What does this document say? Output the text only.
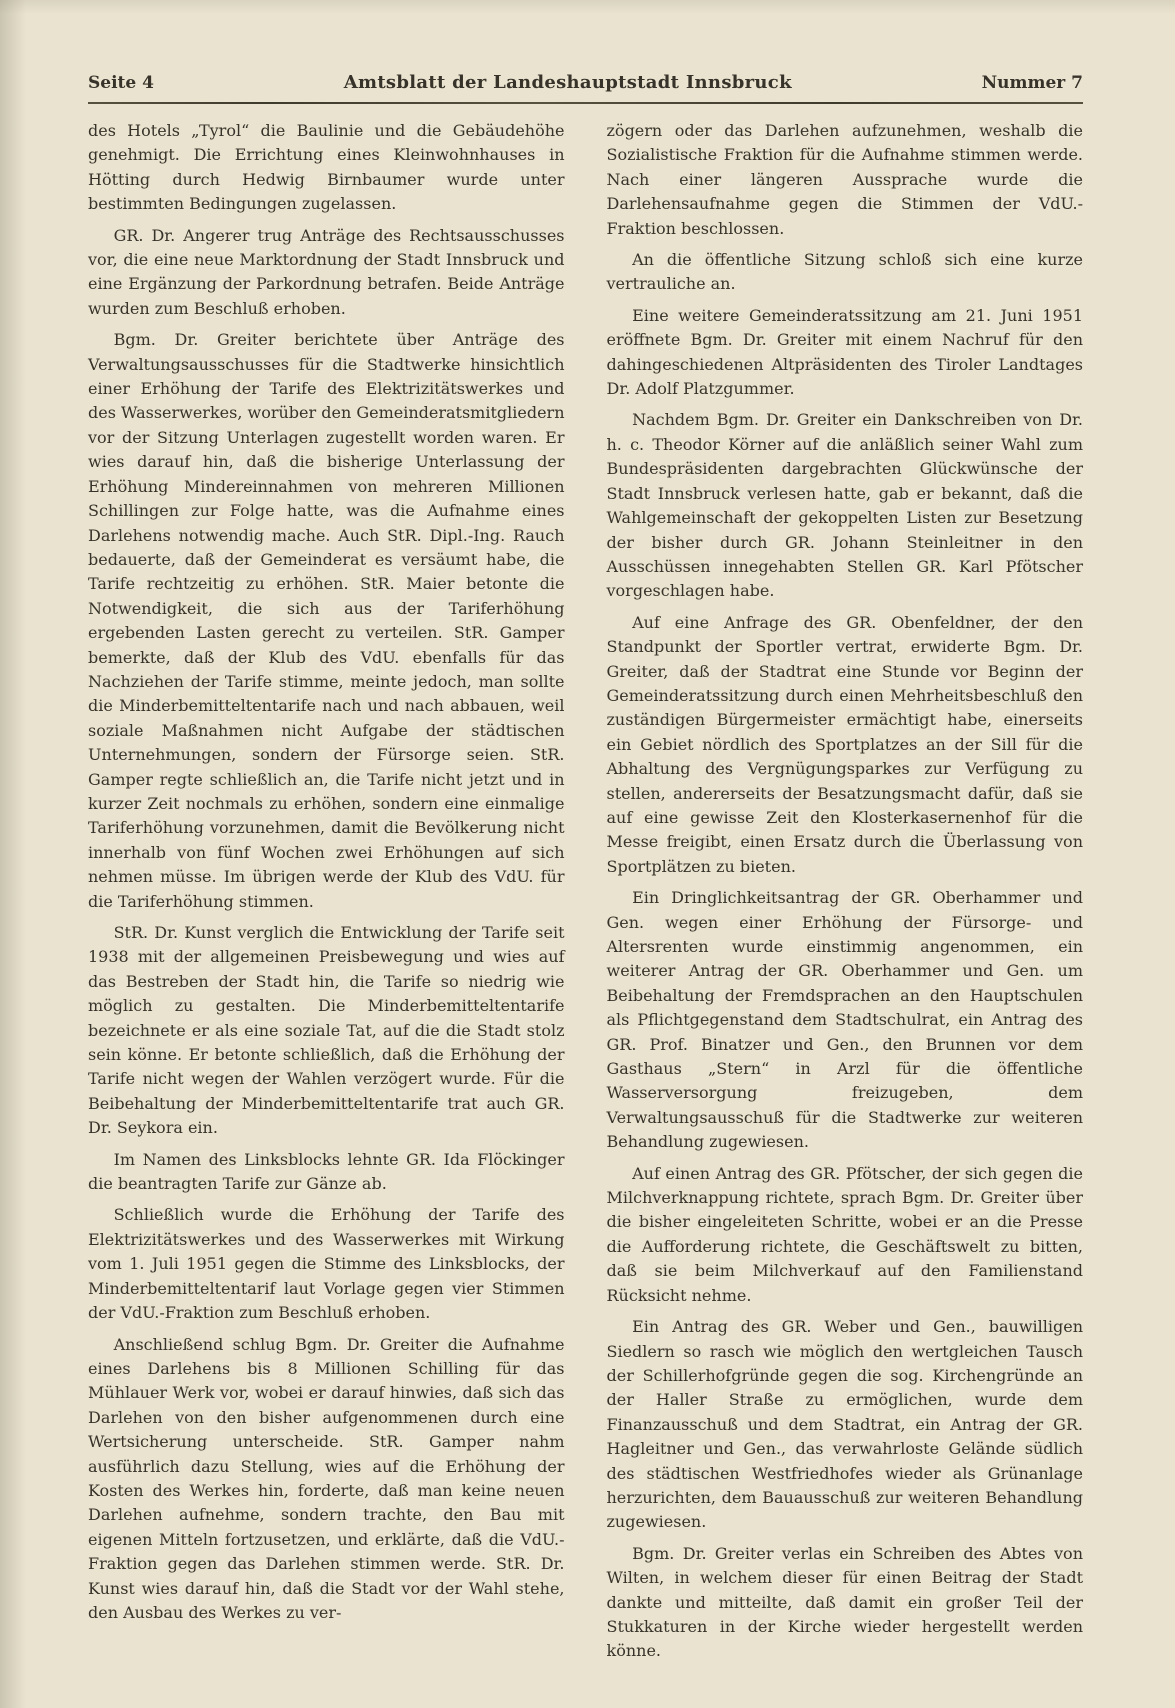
Seite 4	Amtsblatt der Landeshauptstadt Innsbruck	Nummer 7

des Hotels „Tyrol“ die Baulinie und die Gebäudehöhe genehmigt. Die Errichtung eines Kleinwohnhauses in Hötting durch Hedwig Birnbaumer wurde unter bestimmten Bedingungen zugelassen.

GR. Dr. Angerer trug Anträge des Rechtsausschusses vor, die eine neue Marktordnung der Stadt Innsbruck und eine Ergänzung der Parkordnung betrafen. Beide Anträge wurden zum Beschluß erhoben.

Bgm. Dr. Greiter berichtete über Anträge des Verwaltungsausschusses für die Stadtwerke hinsichtlich einer Erhöhung der Tarife des Elektrizitätswerkes und des Wasserwerkes, worüber den Gemeinderatsmitgliedern vor der Sitzung Unterlagen zugestellt worden waren. Er wies darauf hin, daß die bisherige Unterlassung der Erhöhung Mindereinnahmen von mehreren Millionen Schillingen zur Folge hatte, was die Aufnahme eines Darlehens notwendig mache. Auch StR. Dipl.-Ing. Rauch bedauerte, daß der Gemeinderat es versäumt habe, die Tarife rechtzeitig zu erhöhen. StR. Maier betonte die Notwendigkeit, die sich aus der Tariferhöhung ergebenden Lasten gerecht zu verteilen. StR. Gamper bemerkte, daß der Klub des VdU. ebenfalls für das Nachziehen der Tarife stimme, meinte jedoch, man sollte die Minderbemitteltentarife nach und nach abbauen, weil soziale Maßnahmen nicht Aufgabe der städtischen Unternehmungen, sondern der Fürsorge seien. StR. Gamper regte schließlich an, die Tarife nicht jetzt und in kurzer Zeit nochmals zu erhöhen, sondern eine einmalige Tariferhöhung vorzunehmen, damit die Bevölkerung nicht innerhalb von fünf Wochen zwei Erhöhungen auf sich nehmen müsse. Im übrigen werde der Klub des VdU. für die Tariferhöhung stimmen.

StR. Dr. Kunst verglich die Entwicklung der Tarife seit 1938 mit der allgemeinen Preisbewegung und wies auf das Bestreben der Stadt hin, die Tarife so niedrig wie möglich zu gestalten. Die Minderbemitteltentarife bezeichnete er als eine soziale Tat, auf die die Stadt stolz sein könne. Er betonte schließlich, daß die Erhöhung der Tarife nicht wegen der Wahlen verzögert wurde. Für die Beibehaltung der Minderbemitteltentarife trat auch GR. Dr. Seykora ein.

Im Namen des Linksblocks lehnte GR. Ida Flöckinger die beantragten Tarife zur Gänze ab.

Schließlich wurde die Erhöhung der Tarife des Elektrizitätswerkes und des Wasserwerkes mit Wirkung vom 1. Juli 1951 gegen die Stimme des Linksblocks, der Minderbemitteltentarif laut Vorlage gegen vier Stimmen der VdU.-Fraktion zum Beschluß erhoben.

Anschließend schlug Bgm. Dr. Greiter die Aufnahme eines Darlehens bis 8 Millionen Schilling für das Mühlauer Werk vor, wobei er darauf hinwies, daß sich das Darlehen von den bisher aufgenommenen durch eine Wertsicherung unterscheide. StR. Gamper nahm ausführlich dazu Stellung, wies auf die Erhöhung der Kosten des Werkes hin, forderte, daß man keine neuen Darlehen aufnehme, sondern trachte, den Bau mit eigenen Mitteln fortzusetzen, und erklärte, daß die VdU.-Fraktion gegen das Darlehen stimmen werde. StR. Dr. Kunst wies darauf hin, daß die Stadt vor der Wahl stehe, den Ausbau des Werkes zu ver-

zögern oder das Darlehen aufzunehmen, weshalb die Sozialistische Fraktion für die Aufnahme stimmen werde. Nach einer längeren Aussprache wurde die Darlehensaufnahme gegen die Stimmen der VdU.-Fraktion beschlossen.

An die öffentliche Sitzung schloß sich eine kurze vertrauliche an.

Eine weitere Gemeinderatssitzung am 21. Juni 1951 eröffnete Bgm. Dr. Greiter mit einem Nachruf für den dahingeschiedenen Altpräsidenten des Tiroler Landtages Dr. Adolf Platzgummer.

Nachdem Bgm. Dr. Greiter ein Dankschreiben von Dr. h. c. Theodor Körner auf die anläßlich seiner Wahl zum Bundespräsidenten dargebrachten Glückwünsche der Stadt Innsbruck verlesen hatte, gab er bekannt, daß die Wahlgemeinschaft der gekoppelten Listen zur Besetzung der bisher durch GR. Johann Steinleitner in den Ausschüssen innegehabten Stellen GR. Karl Pfötscher vorgeschlagen habe.

Auf eine Anfrage des GR. Obenfeldner, der den Standpunkt der Sportler vertrat, erwiderte Bgm. Dr. Greiter, daß der Stadtrat eine Stunde vor Beginn der Gemeinderatssitzung durch einen Mehrheitsbeschluß den zuständigen Bürgermeister ermächtigt habe, einerseits ein Gebiet nördlich des Sportplatzes an der Sill für die Abhaltung des Vergnügungsparkes zur Verfügung zu stellen, andererseits der Besatzungsmacht dafür, daß sie auf eine gewisse Zeit den Klosterkasernenhof für die Messe freigibt, einen Ersatz durch die Überlassung von Sportplätzen zu bieten.

Ein Dringlichkeitsantrag der GR. Oberhammer und Gen. wegen einer Erhöhung der Fürsorge- und Altersrenten wurde einstimmig angenommen, ein weiterer Antrag der GR. Oberhammer und Gen. um Beibehaltung der Fremdsprachen an den Hauptschulen als Pflichtgegenstand dem Stadtschulrat, ein Antrag des GR. Prof. Binatzer und Gen., den Brunnen vor dem Gasthaus „Stern“ in Arzl für die öffentliche Wasserversorgung freizugeben, dem Verwaltungsausschuß für die Stadtwerke zur weiteren Behandlung zugewiesen.

Auf einen Antrag des GR. Pfötscher, der sich gegen die Milchverknappung richtete, sprach Bgm. Dr. Greiter über die bisher eingeleiteten Schritte, wobei er an die Presse die Aufforderung richtete, die Geschäftswelt zu bitten, daß sie beim Milchverkauf auf den Familienstand Rücksicht nehme.

Ein Antrag des GR. Weber und Gen., bauwilligen Siedlern so rasch wie möglich den wertgleichen Tausch der Schillerhofgründe gegen die sog. Kirchengründe an der Haller Straße zu ermöglichen, wurde dem Finanzausschuß und dem Stadtrat, ein Antrag der GR. Hagleitner und Gen., das verwahrloste Gelände südlich des städtischen Westfriedhofes wieder als Grünanlage herzurichten, dem Bauausschuß zur weiteren Behandlung zugewiesen.

Bgm. Dr. Greiter verlas ein Schreiben des Abtes von Wilten, in welchem dieser für einen Beitrag der Stadt dankte und mitteilte, daß damit ein großer Teil der Stukkaturen in der Kirche wieder hergestellt werden könne.
